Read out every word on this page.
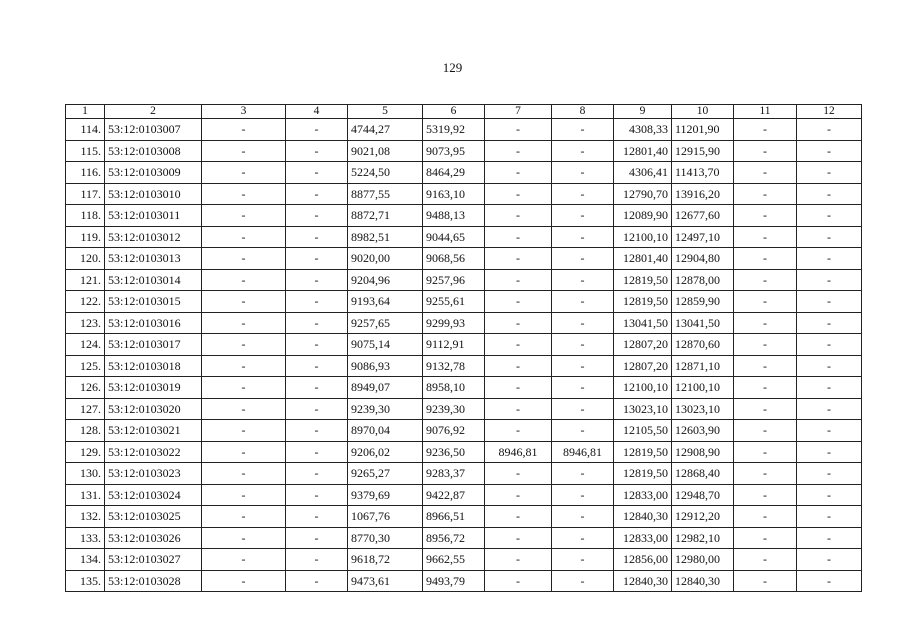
129
1	2	3	4	5	6	7	8	9	10	11	12
114.	53:12:0103007	-	-	4744,27	5319,92	-	-	4308,33	11201,90	-	-
115.	53:12:0103008	-	-	9021,08	9073,95	-	-	12801,40	12915,90	-	-
116.	53:12:0103009	-	-	5224,50	8464,29	-	-	4306,41	11413,70	-	-
117.	53:12:0103010	-	-	8877,55	9163,10	-	-	12790,70	13916,20	-	-
118.	53:12:0103011	-	-	8872,71	9488,13	-	-	12089,90	12677,60	-	-
119.	53:12:0103012	-	-	8982,51	9044,65	-	-	12100,10	12497,10	-	-
120.	53:12:0103013	-	-	9020,00	9068,56	-	-	12801,40	12904,80	-	-
121.	53:12:0103014	-	-	9204,96	9257,96	-	-	12819,50	12878,00	-	-
122.	53:12:0103015	-	-	9193,64	9255,61	-	-	12819,50	12859,90	-	-
123.	53:12:0103016	-	-	9257,65	9299,93	-	-	13041,50	13041,50	-	-
124.	53:12:0103017	-	-	9075,14	9112,91	-	-	12807,20	12870,60	-	-
125.	53:12:0103018	-	-	9086,93	9132,78	-	-	12807,20	12871,10	-	-
126.	53:12:0103019	-	-	8949,07	8958,10	-	-	12100,10	12100,10	-	-
127.	53:12:0103020	-	-	9239,30	9239,30	-	-	13023,10	13023,10	-	-
128.	53:12:0103021	-	-	8970,04	9076,92	-	-	12105,50	12603,90	-	-
129.	53:12:0103022	-	-	9206,02	9236,50	8946,81	8946,81	12819,50	12908,90	-	-
130.	53:12:0103023	-	-	9265,27	9283,37	-	-	12819,50	12868,40	-	-
131.	53:12:0103024	-	-	9379,69	9422,87	-	-	12833,00	12948,70	-	-
132.	53:12:0103025	-	-	1067,76	8966,51	-	-	12840,30	12912,20	-	-
133.	53:12:0103026	-	-	8770,30	8956,72	-	-	12833,00	12982,10	-	-
134.	53:12:0103027	-	-	9618,72	9662,55	-	-	12856,00	12980,00	-	-
135.	53:12:0103028	-	-	9473,61	9493,79	-	-	12840,30	12840,30	-	-
